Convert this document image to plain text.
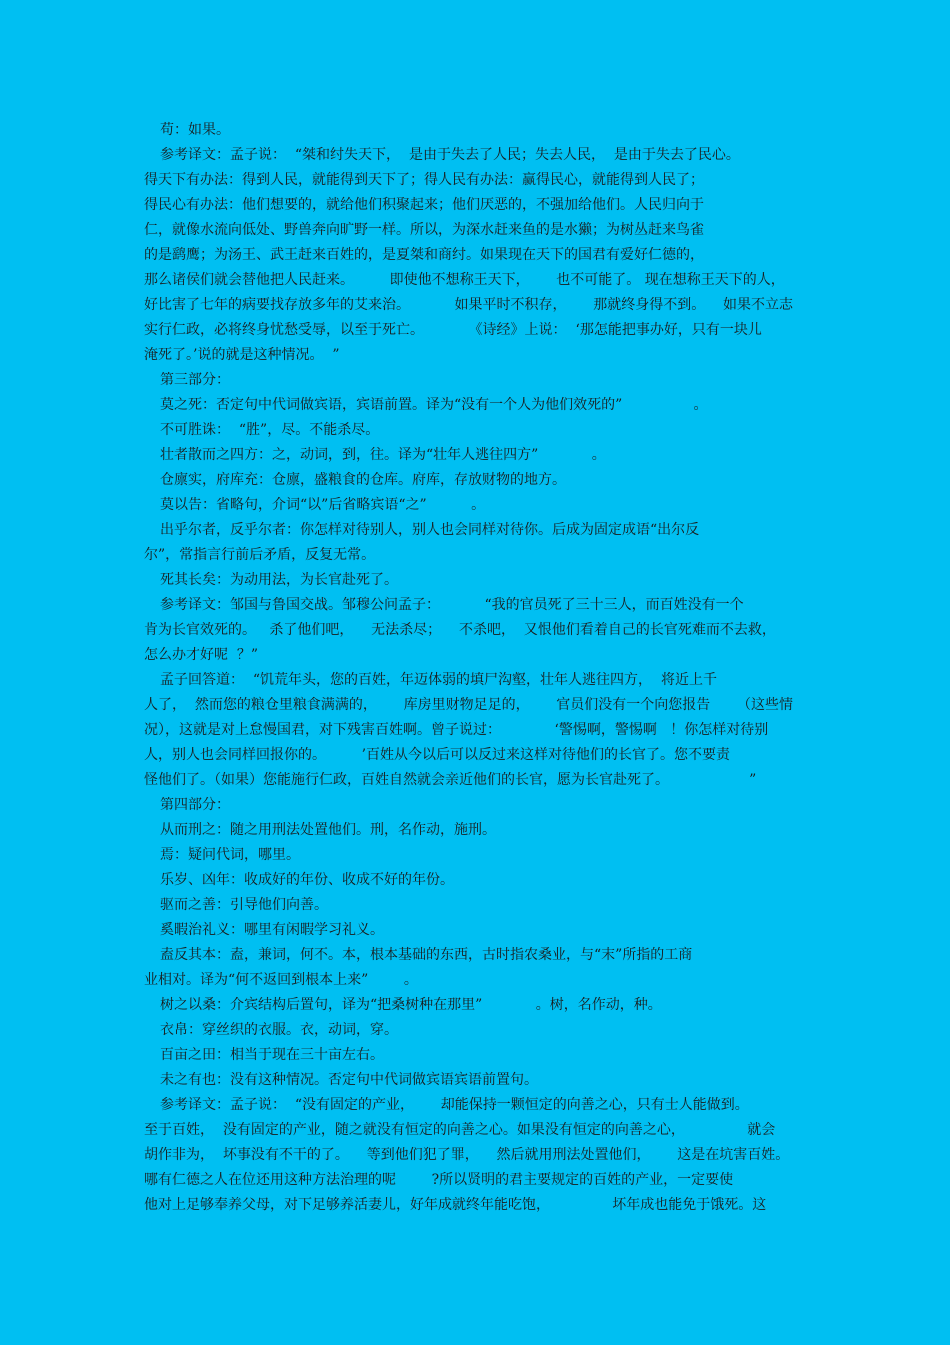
苟：如果。
参考译文：孟子说：  “桀和纣失天下，  是由于失去了人民；失去人民，  是由于失去了民心。
得天下有办法：得到人民，就能得到天下了；得人民有办法：赢得民心，就能得到人民了；
得民心有办法：他们想要的，就给他们积聚起来；他们厌恶的，不强加给他们。人民归向于
仁，就像水流向低处、野兽奔向旷野一样。所以，为深水赶来鱼的是水獭；为树丛赶来鸟雀
的是鹞鹰；为汤王、武王赶来百姓的，是夏桀和商纣。如果现在天下的国君有爱好仁德的，
那么诸侯们就会替他把人民赶来。        即使他不想称王天下，      也不可能了。 现在想称王天下的人，
好比害了七年的病要找存放多年的艾来治。          如果平时不积存，      那就终身得不到。    如果不立志
实行仁政，必将终身忧愁受辱，以至于死亡。          《诗经》上说：  ‘那怎能把事办好，只有一块儿
淹死了。’说的就是这种情况。  ”
第三部分：
莫之死：否定句中代词做宾语，宾语前置。译为“没有一个人为他们效死的”                。
不可胜诛：  “胜”，尽。不能杀尽。
壮者散而之四方：之，动词，到，往。译为“壮年人逃往四方”            。
仓廪实，府库充：仓廪，盛粮食的仓库。府库，存放财物的地方。
莫以告：省略句，介词“以”后省略宾语“之”          。
出乎尔者，反乎尔者：你怎样对待别人，别人也会同样对待你。后成为固定成语“出尔反
尔”，常指言行前后矛盾，反复无常。
死其长矣：为动用法，为长官赴死了。
参考译文：邹国与鲁国交战。邹穆公问孟子：          “我的官员死了三十三人，而百姓没有一个
肯为长官效死的。   杀了他们吧，    无法杀尽；    不杀吧，  又恨他们看着自己的长官死难而不去救，
怎么办才好呢  ？”
孟子回答道：  “饥荒年头，您的百姓，年迈体弱的填尸沟壑，壮年人逃往四方，  将近上千
人了，  然而您的粮仓里粮食满满的，      库房里财物足足的，      官员们没有一个向您报告      （这些情
况），这就是对上怠慢国君，对下残害百姓啊。曾子说过：            ‘警惕啊，警惕啊   ！你怎样对待别
人，别人也会同样回报你的。        ’百姓从今以后可以反过来这样对待他们的长官了。您不要责
怪他们了。（如果）您能施行仁政，百姓自然就会亲近他们的长官，愿为长官赴死了。                  ”
第四部分：
从而刑之：随之用刑法处置他们。刑，名作动，施刑。
焉：疑问代词，哪里。
乐岁、凶年：收成好的年份、收成不好的年份。
驱而之善：引导他们向善。
奚暇治礼义：哪里有闲暇学习礼义。
盍反其本：盍，兼词，何不。本，根本基础的东西，古时指农桑业，与“末”所指的工商
业相对。译为“何不返回到根本上来”        。
树之以桑：介宾结构后置句，译为“把桑树种在那里”            。树，名作动，种。
衣帛：穿丝织的衣服。衣，动词，穿。
百亩之田：相当于现在三十亩左右。
未之有也：没有这种情况。否定句中代词做宾语宾语前置句。
参考译文：孟子说：  “没有固定的产业，      却能保持一颗恒定的向善之心，只有士人能做到。
至于百姓，  没有固定的产业，随之就没有恒定的向善之心。如果没有恒定的向善之心，              就会
胡作非为，  坏事没有不干的了。    等到他们犯了罪，    然后就用刑法处置他们，      这是在坑害百姓。
哪有仁德之人在位还用这种方法治理的呢        ?所以贤明的君主要规定的百姓的产业，一定要使
他对上足够奉养父母，对下足够养活妻儿，好年成就终年能吃饱，              坏年成也能免于饿死。这
